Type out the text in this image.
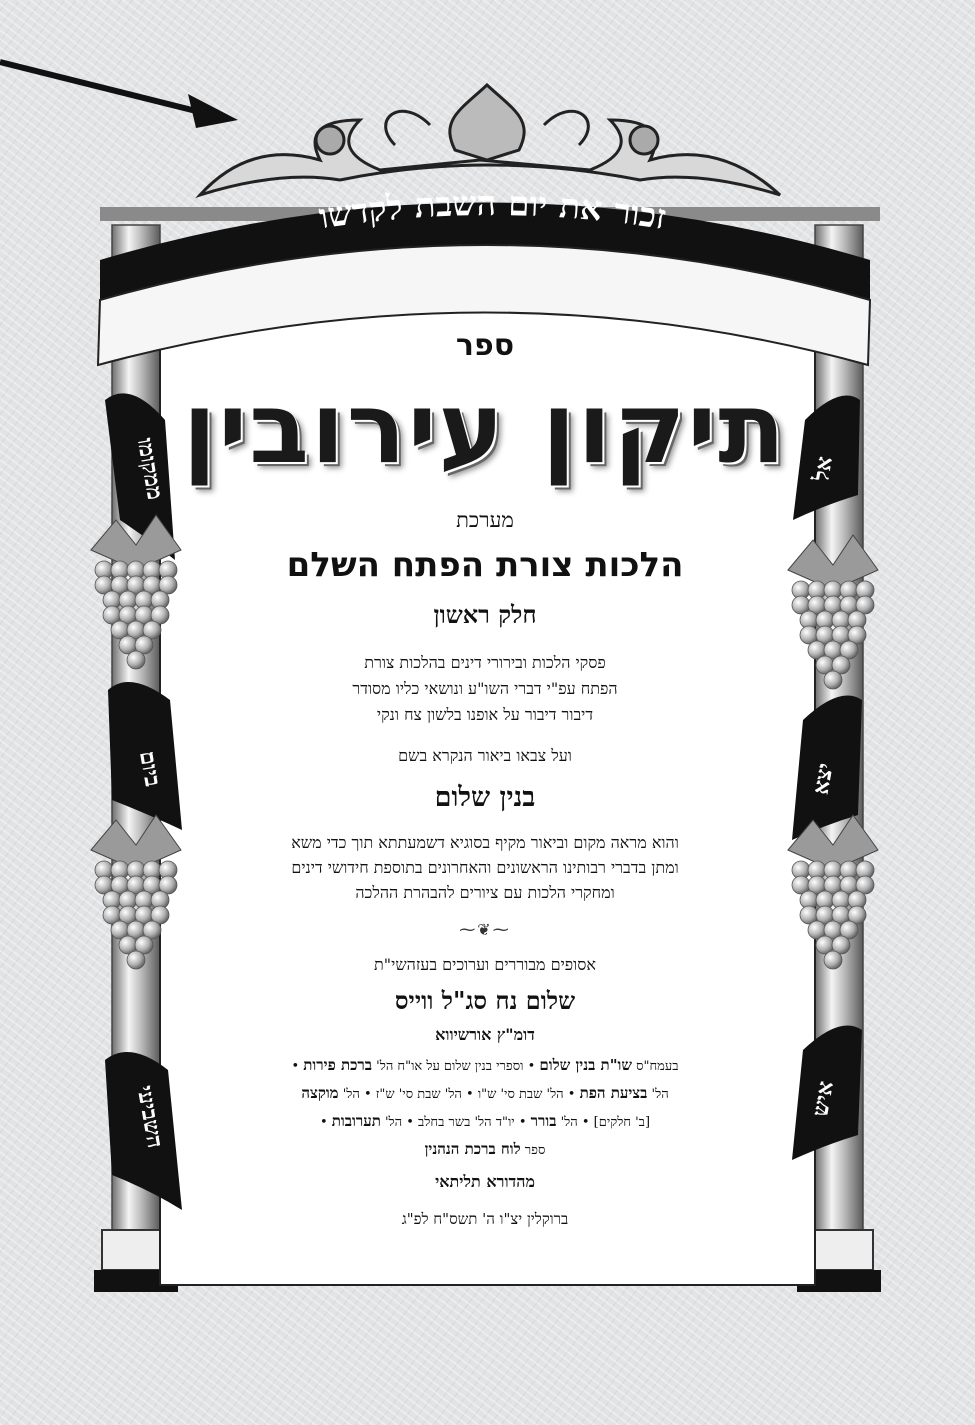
זכור את יום השבת לקדשו
ממקומו
ביום
השביעי
אל
יצא
איש
ספר
תיקון עירובין
מערכת
הלכות צורת הפתח השלם
חלק ראשון
פסקי הלכות ובירורי דינים בהלכות צורת
הפתח עפ"י דברי השו"ע ונושאי כליו מסודר
דיבור דיבור על אופנו בלשון צח ונקי
ועל צבאו ביאור הנקרא בשם
בנין שלום
והוא מראה מקום וביאור מקיף בסוגיא דשמעתתא תוך כדי משא
ומתן בדברי רבותינו הראשונים והאחרונים בתוספת חידושי דינים
ומחקרי הלכות עם ציורים להבהרת ההלכה
⁓❦⁓
אסופים מבוררים וערוכים בעזהשי"ת
שלום נח סג"ל ווייס
דומ"ץ אורשיווא
בעמח"ס שו"ת בנין שלום • וספרי בנין שלום על או"ח הל' ברכת פירות •
הל' בציעת הפת • הל' שבת סי' ש"ו • הל' שבת סי' ש"ז • הל' מוקצה
[ב' חלקים] • הל' בורר • יו"ד הל' בשר בחלב • הל' תערובות •
ספר לוח ברכת הנהנין
מהדורא תליתאי
ברוקלין יצ"ו ה' תשס"ח לפ"ג
